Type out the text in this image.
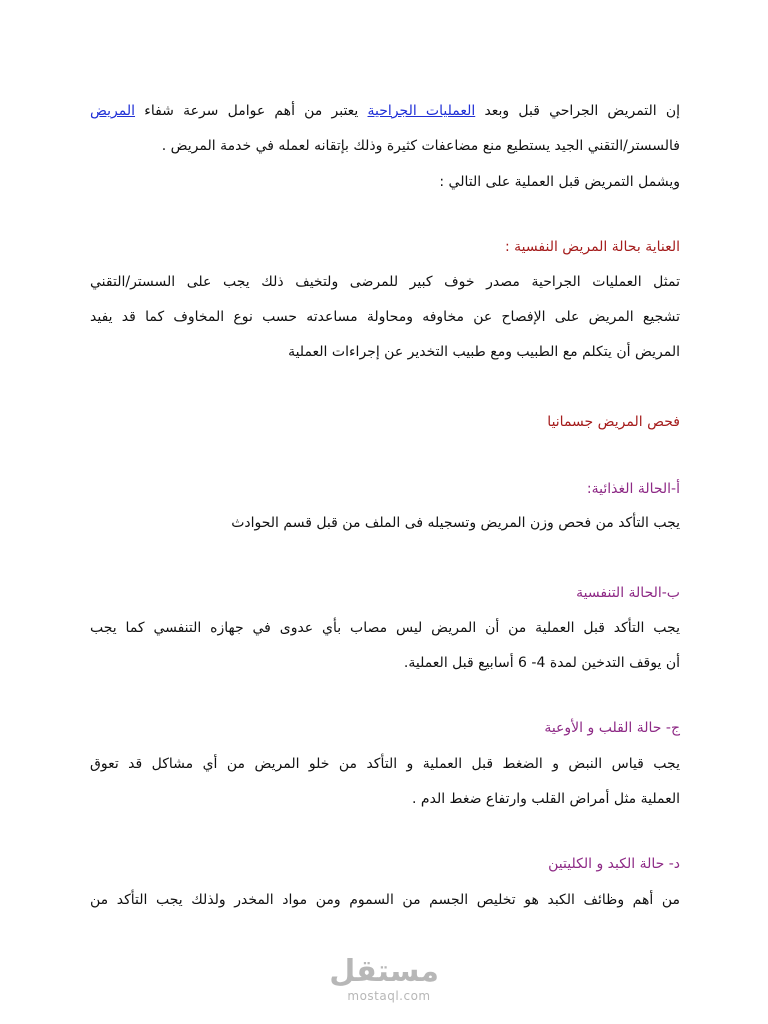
إن التمريض الجراحي قبل وبعد العمليات الجراحية يعتبر من أهم عوامل سرعة شفاء المريض
فالسستر/التقني الجيد يستطيع منع مضاعفات كثيرة وذلك بإتقانه لعمله في خدمة المريض .
ويشمل التمريض قبل العملية على التالي :
العناية بحالة المريض النفسية :
تمثل العمليات الجراحية مصدر خوف كبير للمرضى ولتخيف ذلك يجب على السستر/التقني
تشجيع المريض على الإفصاح عن مخاوفه ومحاولة مساعدته حسب نوع المخاوف كما قد يفيد
المريض أن يتكلم مع الطبيب ومع طبيب التخدير عن إجراءات العملية
فحص المريض جسمانيا
أ-الحالة الغذائية:
يجب التأكد من فحص وزن المريض وتسجيله فى الملف من قبل قسم الحوادث
ب-الحالة التنفسية
يجب التأكد قبل العملية من أن المريض ليس مصاب بأي عدوى في جهازه التنفسي كما يجب
أن يوقف التدخين لمدة 4- 6 أسابيع قبل العملية.
ج- حالة القلب و الأوعية
يجب قياس النبض و الضغط قبل العملية و التأكد من خلو المريض من أي مشاكل قد تعوق
العملية مثل أمراض القلب وارتفاع ضغط الدم .
د- حالة الكبد و الكليتين
من أهم وظائف الكبد هو تخليص الجسم من السموم ومن مواد المخدر ولذلك يجب التأكد من
مستقل
mostaql.com
